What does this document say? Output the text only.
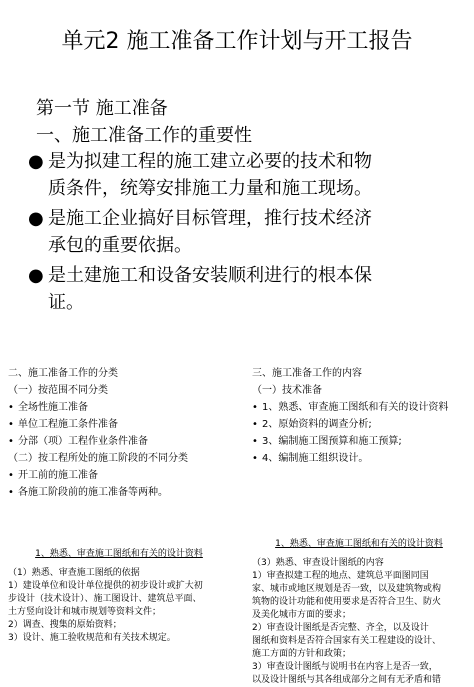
单元2 施工准备工作计划与开工报告
第一节 施工准备
一、施工准备工作的重要性
● 是为拟建工程的施工建立必要的技术和物
质条件，统筹安排施工力量和施工现场。
● 是施工企业搞好目标管理，推行技术经济
承包的重要依据。
● 是土建施工和设备安装顺利进行的根本保
证。
二、施工准备工作的分类
（一）按范围不同分类
• 全场性施工准备
• 单位工程施工条件准备
• 分部（项）工程作业条件准备
（二）按工程所处的施工阶段的不同分类
• 开工前的施工准备
• 各施工阶段前的施工准备等两种。
三、施工准备工作的内容
（一）技术准备
• 1、熟悉、审查施工图纸和有关的设计资料
• 2、原始资料的调查分析;
• 3、编制施工图预算和施工预算;
• 4、编制施工组织设计。
1、熟悉、审查施工图纸和有关的设计资料
（1）熟悉、审查施工图纸的依据
1）建设单位和设计单位提供的初步设计或扩大初
步设计（技术设计）、施工图设计、建筑总平面、
土方竖向设计和城市规划等资料文件；
2）调查、搜集的原始资料；
3）设计、施工验收规范和有关技术规定。
1、熟悉、审查施工图纸和有关的设计资料
（3）熟悉、审查设计图纸的内容
1）审查拟建工程的地点、建筑总平面图同国
家、城市或地区规划是否一致，以及建筑物或构
筑物的设计功能和使用要求是否符合卫生、防火
及美化城市方面的要求；
2）审查设计图纸是否完整、齐全，以及设计
图纸和资料是否符合国家有关工程建设的设计、
施工方面的方针和政策；
3）审查设计图纸与说明书在内容上是否一致，
以及设计图纸与其各组成部分之间有无矛盾和错
